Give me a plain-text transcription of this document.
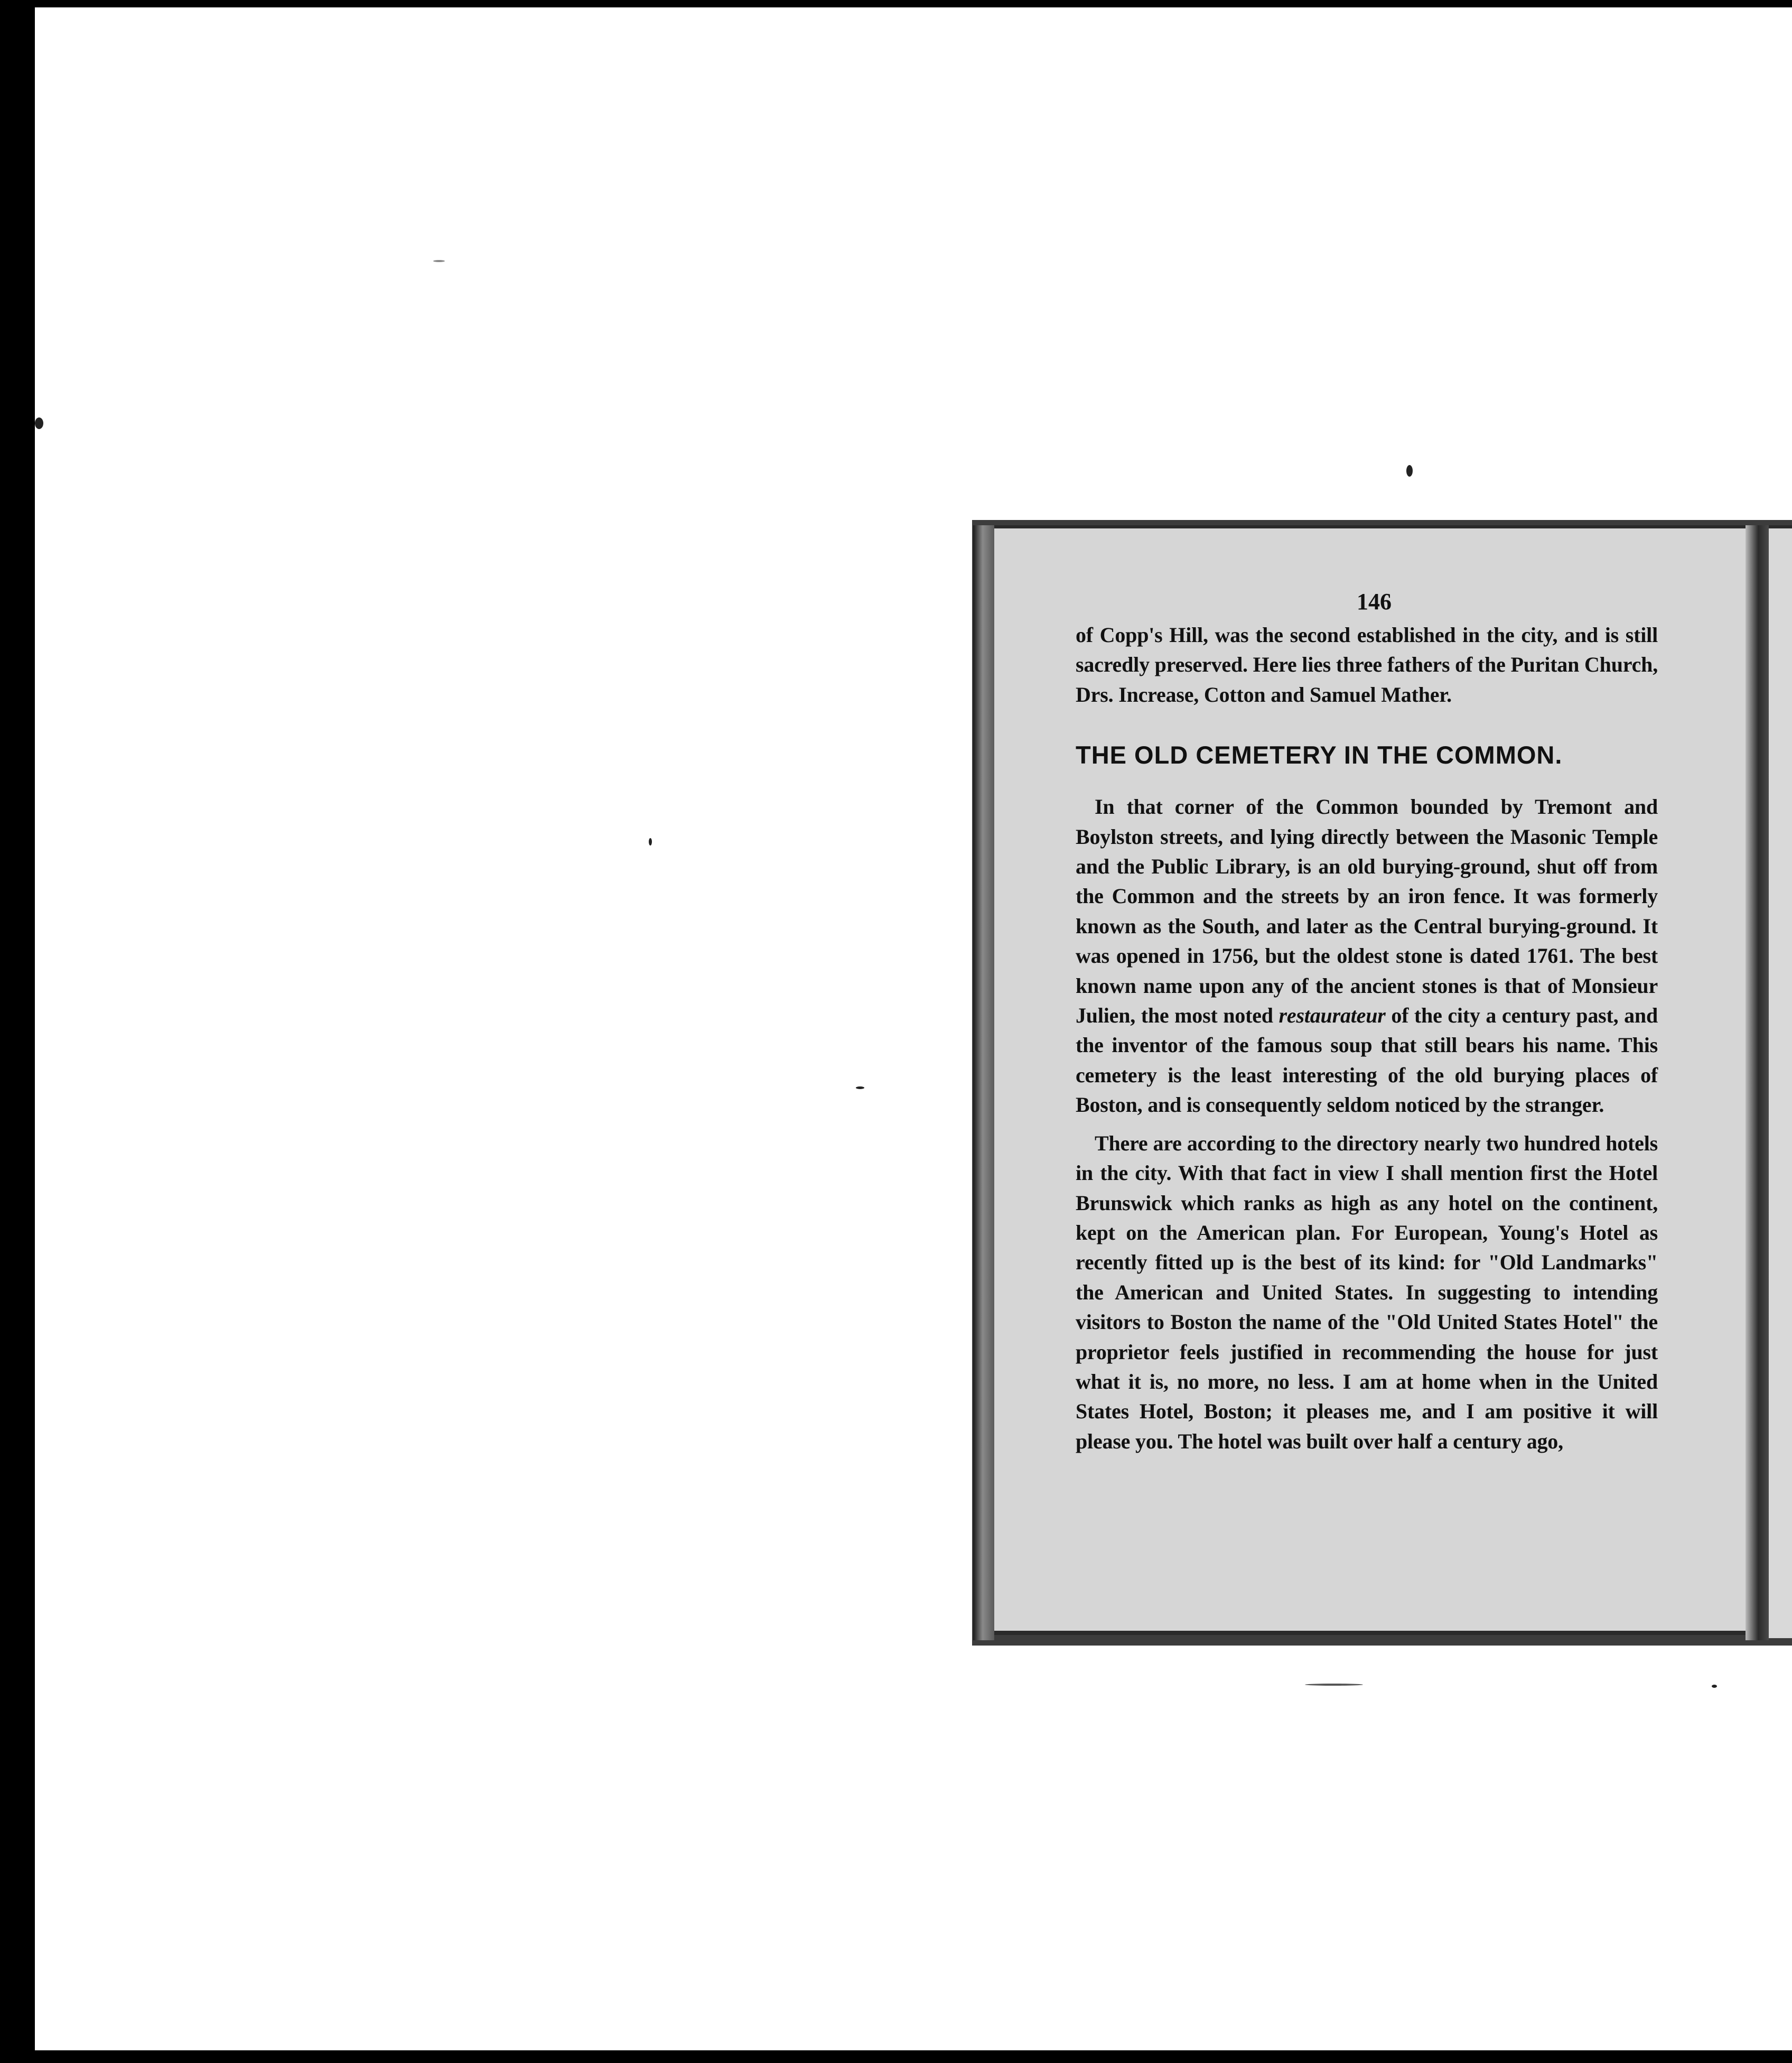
146

of Copp's Hill, was the second established in the city, and is still sacredly preserved. Here lies three fathers of the Puritan Church, Drs. Increase, Cotton and Samuel Mather.

THE OLD CEMETERY IN THE COMMON.

In that corner of the Common bounded by Tremont and Boylston streets, and lying directly between the Masonic Temple and the Public Library, is an old burying-ground, shut off from the Common and the streets by an iron fence. It was formerly known as the South, and later as the Central burying-ground. It was opened in 1756, but the oldest stone is dated 1761. The best known name upon any of the ancient stones is that of Monsieur Julien, the most noted restaurateur of the city a century past, and the inventor of the famous soup that still bears his name. This cemetery is the least interesting of the old burying places of Boston, and is consequently seldom noticed by the stranger.

There are according to the directory nearly two hundred hotels in the city. With that fact in view I shall mention first the Hotel Brunswick which ranks as high as any hotel on the continent, kept on the American plan. For European, Young's Hotel as recently fitted up is the best of its kind: for "Old Landmarks" the American and United States. In suggesting to intending visitors to Boston the name of the "Old United States Hotel" the proprietor feels justified in recommending the house for just what it is, no more, no less. I am at home when in the United States Hotel, Boston; it pleases me, and I am positive it will please you. The hotel was built over half a century ago,
